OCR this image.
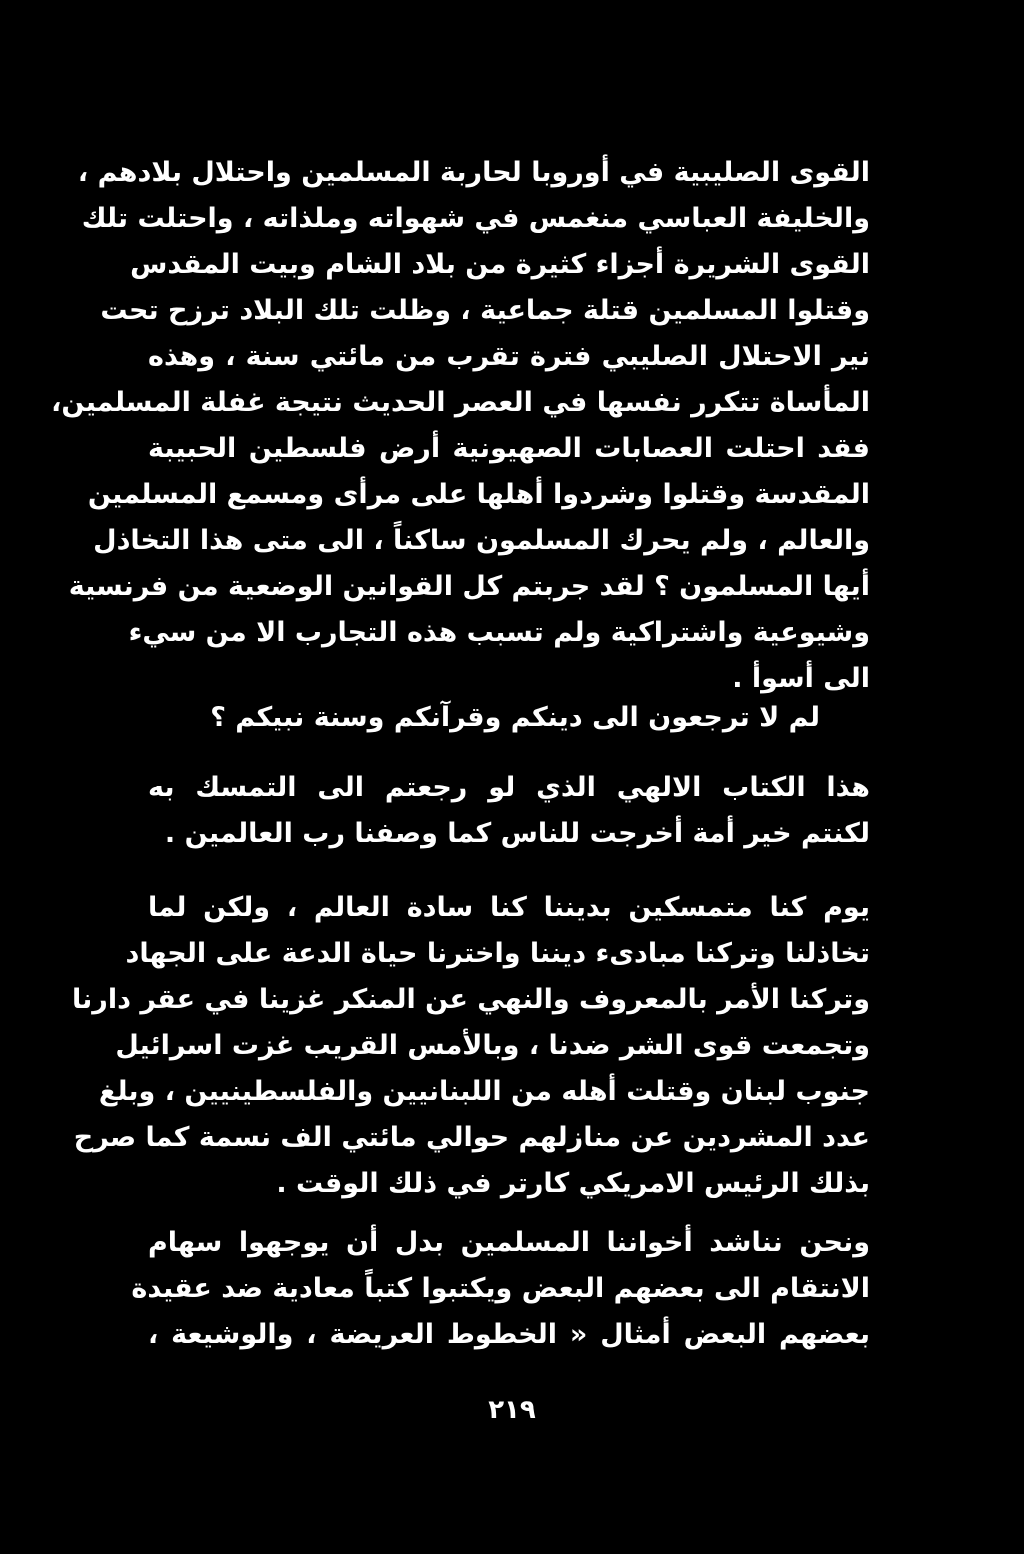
القوى الصليبية في أوروبا لحاربة المسلمين واحتلال بلادهم ،
والخليفة العباسي منغمس في شهواته وملذاته ، واحتلت تلك
القوى الشريرة أجزاء كثيرة من بلاد الشام وبيت المقدس
وقتلوا المسلمين قتلة جماعية ، وظلت تلك البلاد ترزح تحت
نير الاحتلال الصليبي فترة تقرب من مائتي سنة ، وهذه
المأساة تتكرر نفسها في العصر الحديث نتيجة غفلة المسلمين،
فقد احتلت العصابات الصهيونية أرض فلسطين الحبيبة
المقدسة وقتلوا وشردوا أهلها على مرأى ومسمع المسلمين
والعالم ، ولم يحرك المسلمون ساكناً ، الى متى هذا التخاذل
أيها المسلمون ؟ لقد جربتم كل القوانين الوضعية من فرنسية
وشيوعية واشتراكية ولم تسبب هذه التجارب الا من سيء
الى أسوأ .
لم لا ترجعون الى دينكم وقرآنكم وسنة نبيكم ؟
هذا الكتاب الالهي الذي لو رجعتم الى التمسك به
لكنتم خير أمة أخرجت للناس كما وصفنا رب العالمين .
يوم كنا متمسكين بديننا كنا سادة العالم ، ولكن لما
تخاذلنا وتركنا مبادىء ديننا واخترنا حياة الدعة على الجهاد
وتركنا الأمر بالمعروف والنهي عن المنكر غزينا في عقر دارنا
وتجمعت قوى الشر ضدنا ، وبالأمس القريب غزت اسرائيل
جنوب لبنان وقتلت أهله من اللبنانيين والفلسطينيين ، وبلغ
عدد المشردين عن منازلهم حوالي مائتي الف نسمة كما صرح
بذلك الرئيس الامريكي كارتر في ذلك الوقت .
ونحن نناشد أخواننا المسلمين بدل أن يوجهوا سهام
الانتقام الى بعضهم البعض ويكتبوا كتباً معادية ضد عقيدة
بعضهم البعض أمثال « الخطوط العريضة ، والوشيعة ،
٢١٩
